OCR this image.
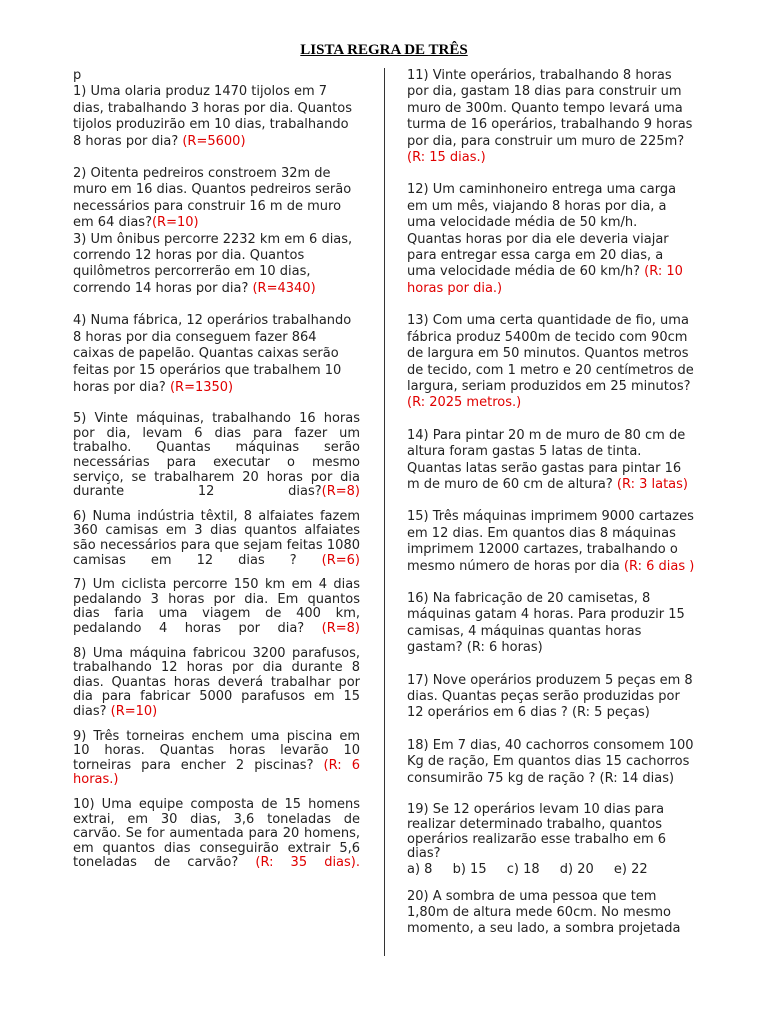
LISTA REGRA DE TRÊS

p

1) Uma olaria produz 1470 tijolos em 7 dias, trabalhando 3 horas por dia. Quantos tijolos produzirão em 10 dias, trabalhando 8 horas por dia? (R=5600)

2) Oitenta pedreiros constroem 32m de muro em 16 dias. Quantos pedreiros serão necessários para construir 16 m de muro em 64 dias?(R=10)

3) Um ônibus percorre 2232 km em 6 dias, correndo 12 horas por dia. Quantos quilômetros percorrerão em 10 dias, correndo 14 horas por dia? (R=4340)

4) Numa fábrica, 12 operários trabalhando 8 horas por dia conseguem fazer 864 caixas de papelão. Quantas caixas serão feitas por 15 operários que trabalhem 10 horas por dia? (R=1350)

5) Vinte máquinas, trabalhando 16 horas por dia, levam 6 dias para fazer um trabalho. Quantas máquinas serão necessárias para executar o mesmo serviço, se trabalharem 20 horas por dia durante 12 dias?(R=8)

6) Numa indústria têxtil, 8 alfaiates fazem 360 camisas em 3 dias quantos alfaiates são necessários para que sejam feitas 1080 camisas em 12 dias ? (R=6)

7) Um ciclista percorre 150 km em 4 dias pedalando 3 horas por dia. Em quantos dias faria uma viagem de 400 km, pedalando 4 horas por dia? (R=8)

8) Uma máquina fabricou 3200 parafusos, trabalhando 12 horas por dia durante 8 dias. Quantas horas deverá trabalhar por dia para fabricar 5000 parafusos em 15 dias? (R=10)

9) Três torneiras enchem uma piscina em 10 horas. Quantas horas levarão 10 torneiras para encher 2 piscinas? (R: 6 horas.)

10) Uma equipe composta de 15 homens extrai, em 30 dias, 3,6 toneladas de carvão. Se for aumentada para 20 homens, em quantos dias conseguirão extrair 5,6 toneladas de carvão? (R: 35 dias).

11) Vinte operários, trabalhando 8 horas por dia, gastam 18 dias para construir um muro de 300m. Quanto tempo levará uma turma de 16 operários, trabalhando 9 horas por dia, para construir um muro de 225m? (R: 15 dias.)

12) Um caminhoneiro entrega uma carga em um mês, viajando 8 horas por dia, a uma velocidade média de 50 km/h. Quantas horas por dia ele deveria viajar para entregar essa carga em 20 dias, a uma velocidade média de 60 km/h? (R: 10 horas por dia.)

13) Com uma certa quantidade de fio, uma fábrica produz 5400m de tecido com 90cm de largura em 50 minutos. Quantos metros de tecido, com 1 metro e 20 centímetros de largura, seriam produzidos em 25 minutos? (R: 2025 metros.)

14) Para pintar 20 m de muro de 80 cm de altura foram gastas 5 latas de tinta. Quantas latas serão gastas para pintar 16 m de muro de 60 cm de altura? (R: 3 latas)

15) Três máquinas imprimem 9000 cartazes em 12 dias. Em quantos dias 8 máquinas imprimem 12000 cartazes, trabalhando o mesmo número de horas por dia (R: 6 dias )

16) Na fabricação de 20 camisetas, 8 máquinas gatam 4 horas. Para produzir 15 camisas, 4 máquinas quantas horas gastam? (R: 6 horas)

17) Nove operários produzem 5 peças em 8 dias. Quantas peças serão produzidas por 12 operários em 6 dias ? (R: 5 peças)

18) Em 7 dias, 40 cachorros consomem 100 Kg de ração, Em quantos dias 15 cachorros consumirão 75 kg de ração ? (R: 14 dias)

19) Se 12 operários levam 10 dias para realizar determinado trabalho, quantos operários realizarão esse trabalho em 6 dias?

a) 8 b) 15 c) 18 d) 20 e) 22

20) A sombra de uma pessoa que tem 1,80m de altura mede 60cm. No mesmo momento, a seu lado, a sombra projetada
